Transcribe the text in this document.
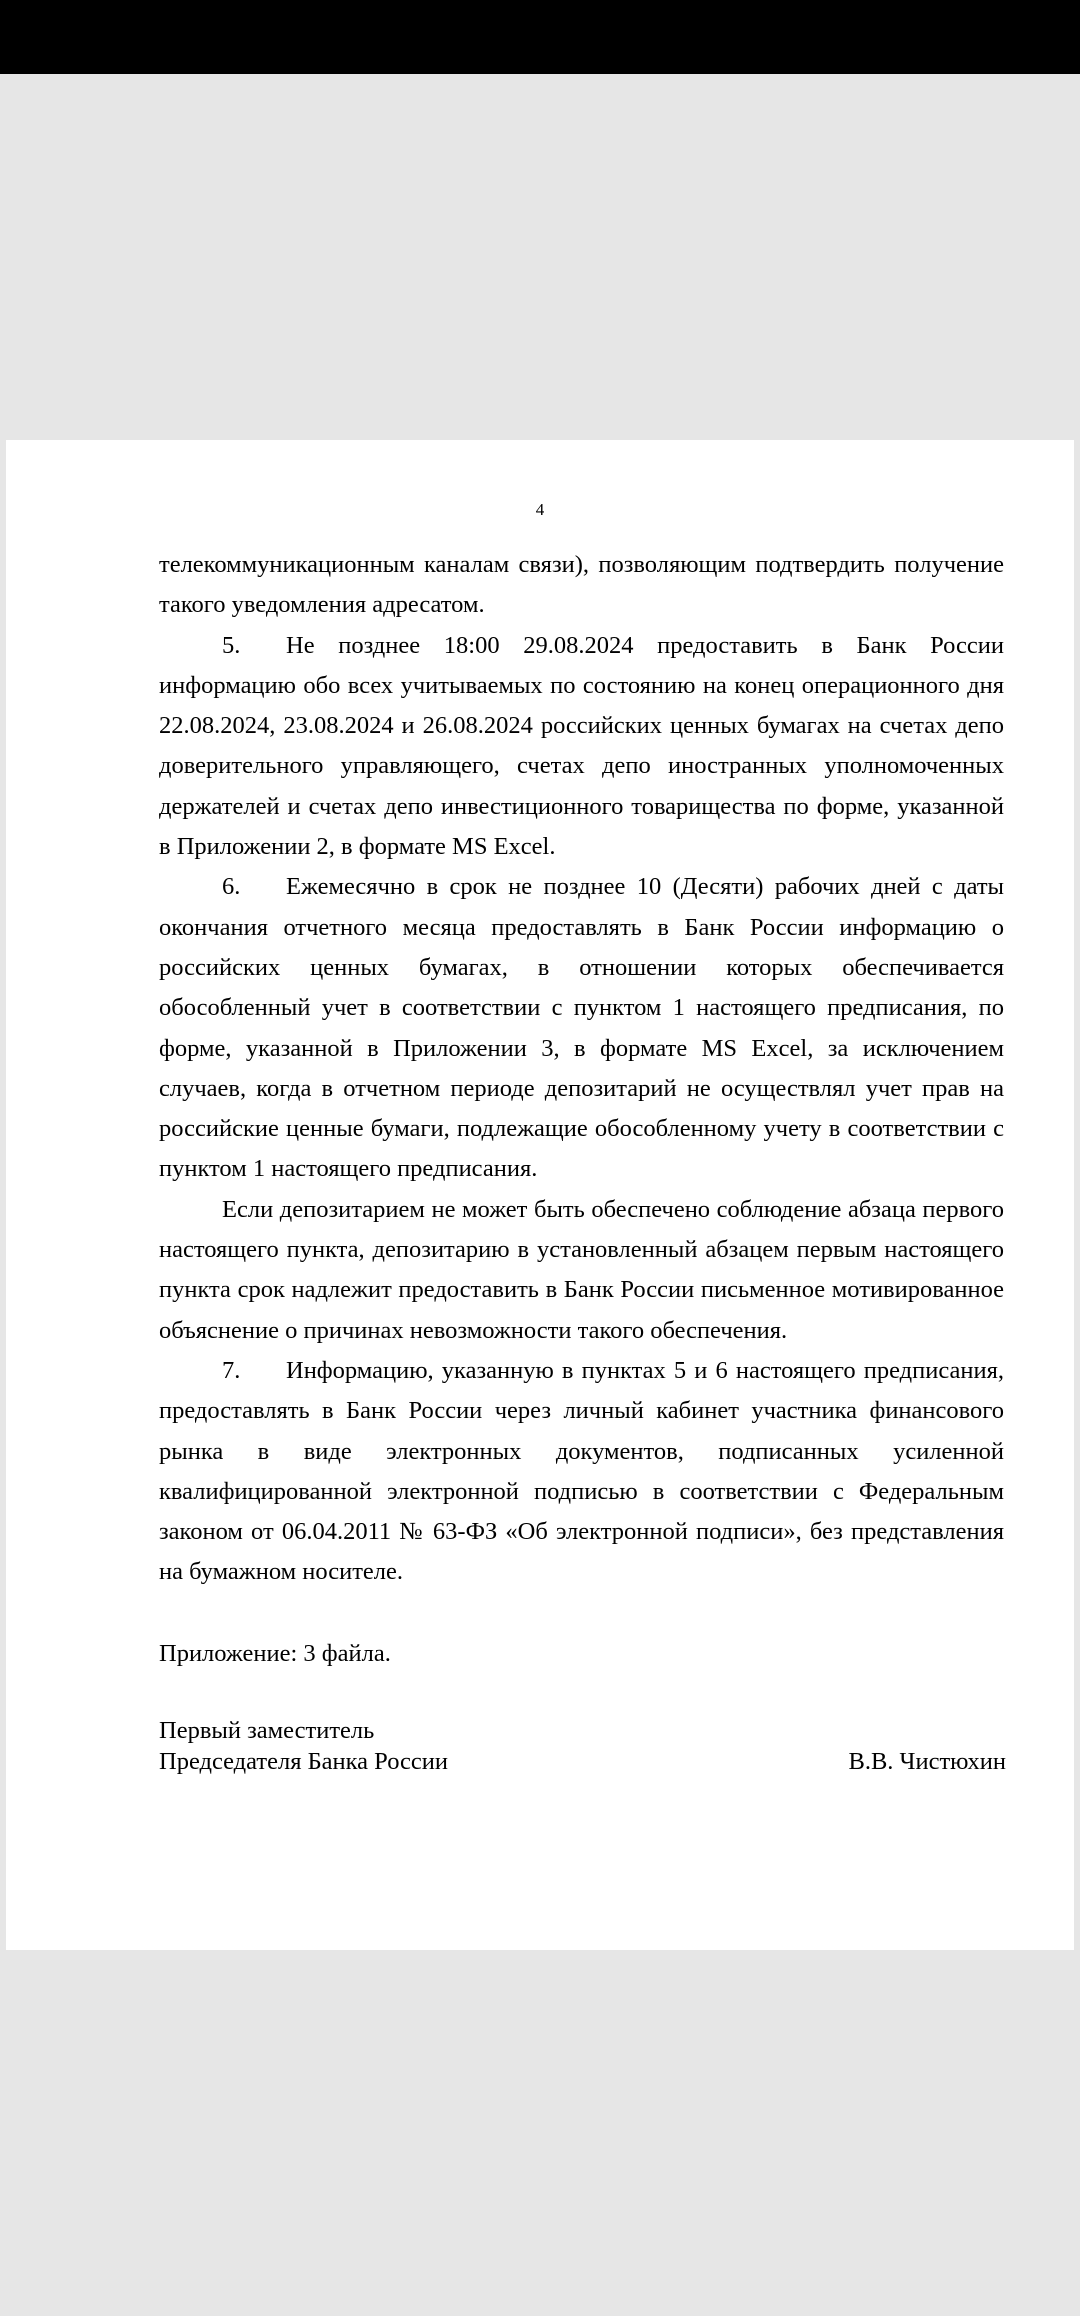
4

телекоммуникационным каналам связи), позволяющим подтвердить получение такого уведомления адресатом.

5. Не позднее 18:00 29.08.2024 предоставить в Банк России информацию обо всех учитываемых по состоянию на конец операционного дня 22.08.2024, 23.08.2024 и 26.08.2024 российских ценных бумагах на счетах депо доверительного управляющего, счетах депо иностранных уполномоченных держателей и счетах депо инвестиционного товарищества по форме, указанной в Приложении 2, в формате MS Excel.

6. Ежемесячно в срок не позднее 10 (Десяти) рабочих дней с даты окончания отчетного месяца предоставлять в Банк России информацию о российских ценных бумагах, в отношении которых обеспечивается обособленный учет в соответствии с пунктом 1 настоящего предписания, по форме, указанной в Приложении 3, в формате MS Excel, за исключением случаев, когда в отчетном периоде депозитарий не осуществлял учет прав на российские ценные бумаги, подлежащие обособленному учету в соответствии с пунктом 1 настоящего предписания.

Если депозитарием не может быть обеспечено соблюдение абзаца первого настоящего пункта, депозитарию в установленный абзацем первым настоящего пункта срок надлежит предоставить в Банк России письменное мотивированное объяснение о причинах невозможности такого обеспечения.

7. Информацию, указанную в пунктах 5 и 6 настоящего предписания, предоставлять в Банк России через личный кабинет участника финансового рынка в виде электронных документов, подписанных усиленной квалифицированной электронной подписью в соответствии с Федеральным законом от 06.04.2011 № 63-ФЗ «Об электронной подписи», без представления на бумажном носителе.

Приложение: 3 файла.

Первый заместитель
Председателя Банка России	В.В. Чистюхин
